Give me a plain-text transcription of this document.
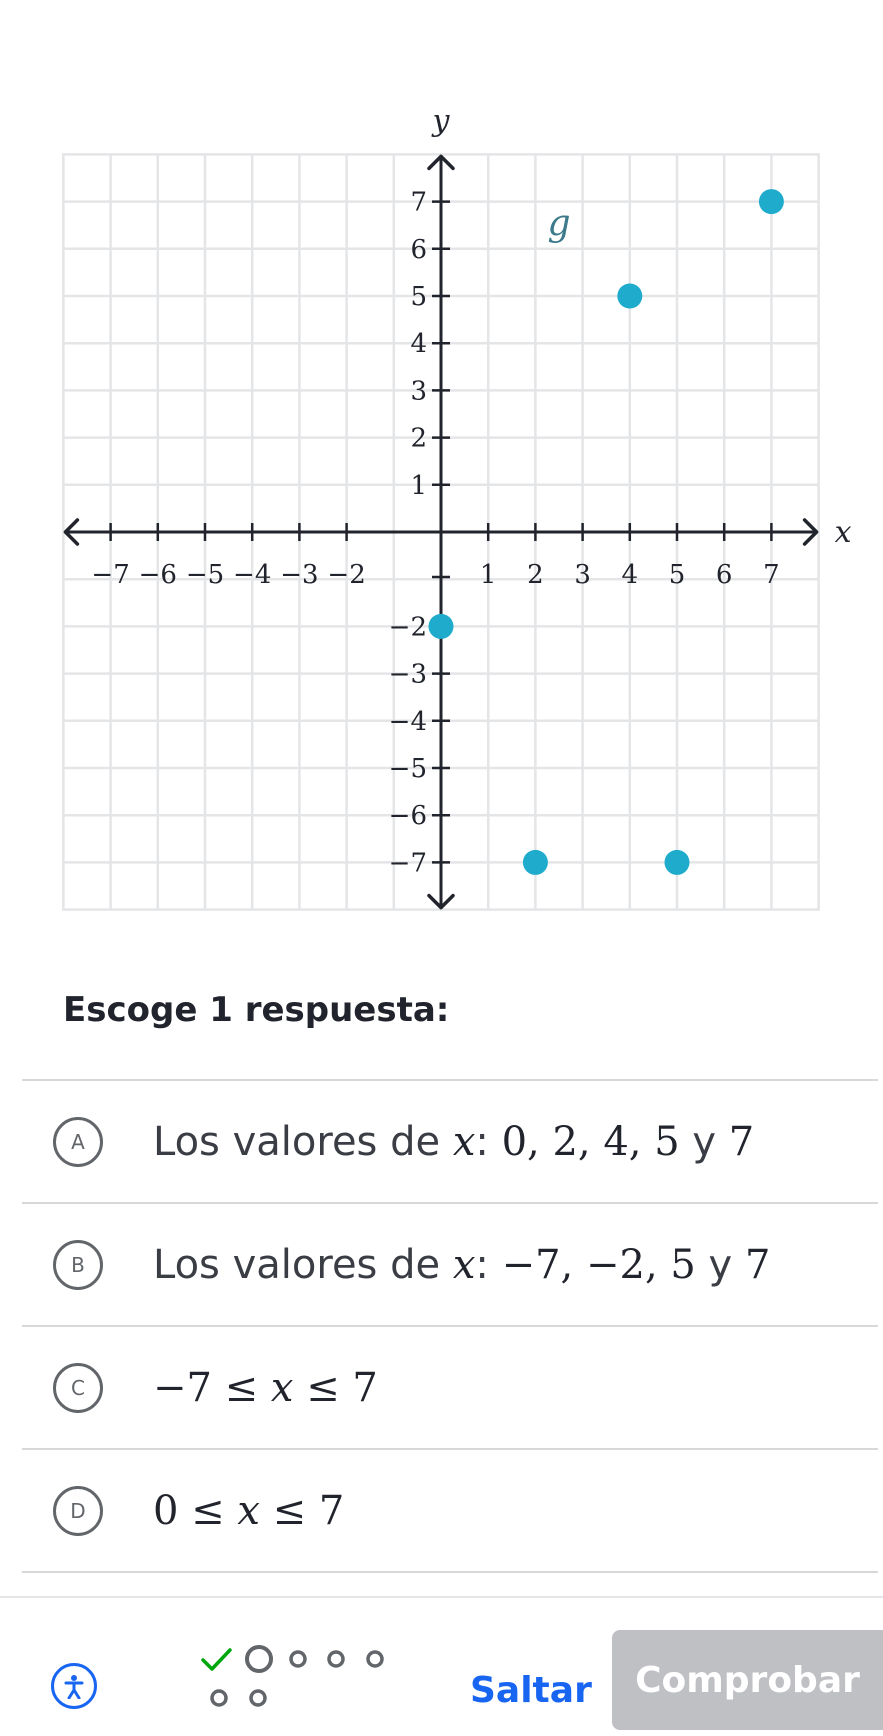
−7 −6 −5 −4 −3 −2	1 2 3 4 5 6 7
−7
−6
−5
−4
−3
−2
1
2
3
4
5
6
7
x
y
g
Escoge 1 respuesta:
A	Los valores de x: 0, 2, 4, 5 y 7
B	Los valores de x: −7, −2, 5 y 7
C	−7 ≤ x ≤ 7
D	0 ≤ x ≤ 7
Saltar	Comprobar
